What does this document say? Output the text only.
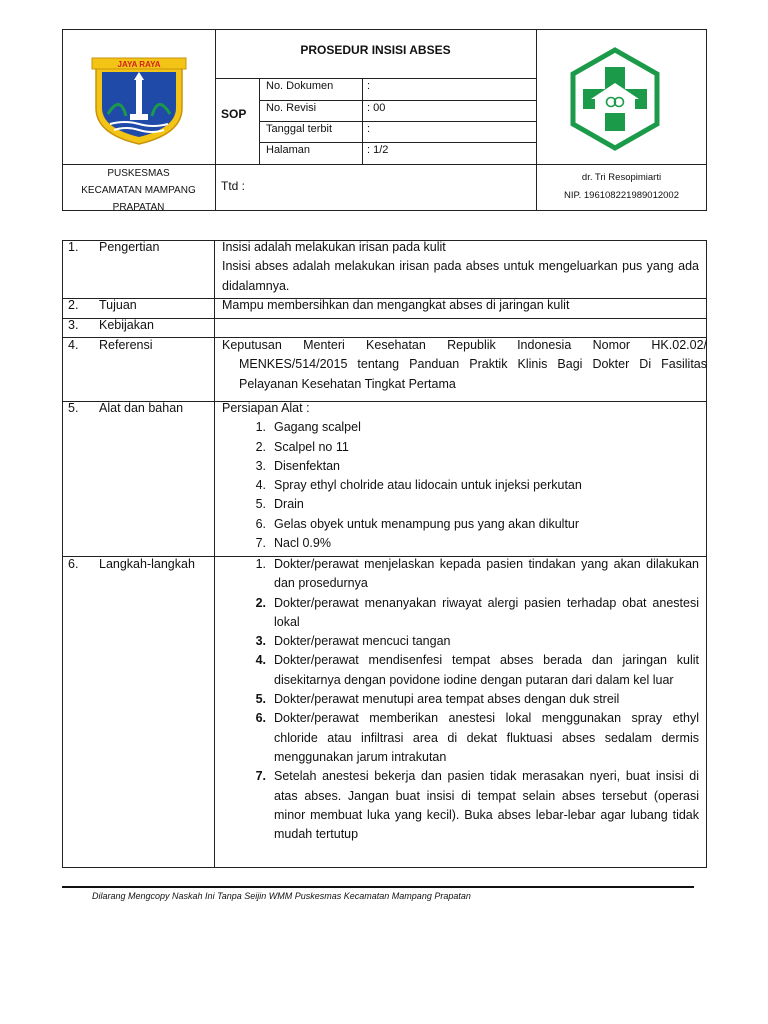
JAYA RAYA
PROSEDUR INSISI ABSES
SOP
No. Dokumen	:
No. Revisi	: 00
Tanggal terbit	:
Halaman	: 1/2
PUSKESMAS
KECAMATAN MAMPANG
PRAPATAN
Ttd :
dr. Tri Resopimiarti
NIP. 196108221989012002
1. Pengertian	Insisi adalah melakukan irisan pada kulit
Insisi abses adalah melakukan irisan pada abses untuk mengeluarkan pus yang ada didalamnya.
2. Tujuan	Mampu membersihkan dan mengangkat abses di jaringan kulit
3. Kebijakan
4. Referensi	Keputusan Menteri Kesehatan Republik Indonesia Nomor HK.02.02/ MENKES/514/2015 tentang Panduan Praktik Klinis Bagi Dokter Di Fasilitas Pelayanan Kesehatan Tingkat Pertama
5. Alat dan bahan	Persiapan Alat :
1. Gagang scalpel
2. Scalpel no 11
3. Disenfektan
4. Spray ethyl cholride atau lidocain untuk injeksi perkutan
5. Drain
6. Gelas obyek untuk menampung pus yang akan dikultur
7. Nacl 0.9%
6. Langkah-langkah	1. Dokter/perawat menjelaskan kepada pasien tindakan yang akan dilakukan dan prosedurnya
2. Dokter/perawat menanyakan riwayat alergi pasien terhadap obat anestesi lokal
3. Dokter/perawat mencuci tangan
4. Dokter/perawat mendisenfesi tempat abses berada dan jaringan kulit disekitarnya dengan povidone iodine dengan putaran dari dalam kel luar
5. Dokter/perawat menutupi area tempat abses dengan duk streil
6. Dokter/perawat memberikan anestesi lokal menggunakan spray ethyl chloride atau infiltrasi area di dekat fluktuasi abses sedalam dermis menggunakan jarum intrakutan
7. Setelah anestesi bekerja dan pasien tidak merasakan nyeri, buat insisi di atas abses. Jangan buat insisi di tempat selain abses tersebut (operasi minor membuat luka yang kecil). Buka abses lebar-lebar agar lubang tidak mudah tertutup
Dilarang Mengcopy Naskah Ini Tanpa Seijin WMM Puskesmas Kecamatan Mampang Prapatan
